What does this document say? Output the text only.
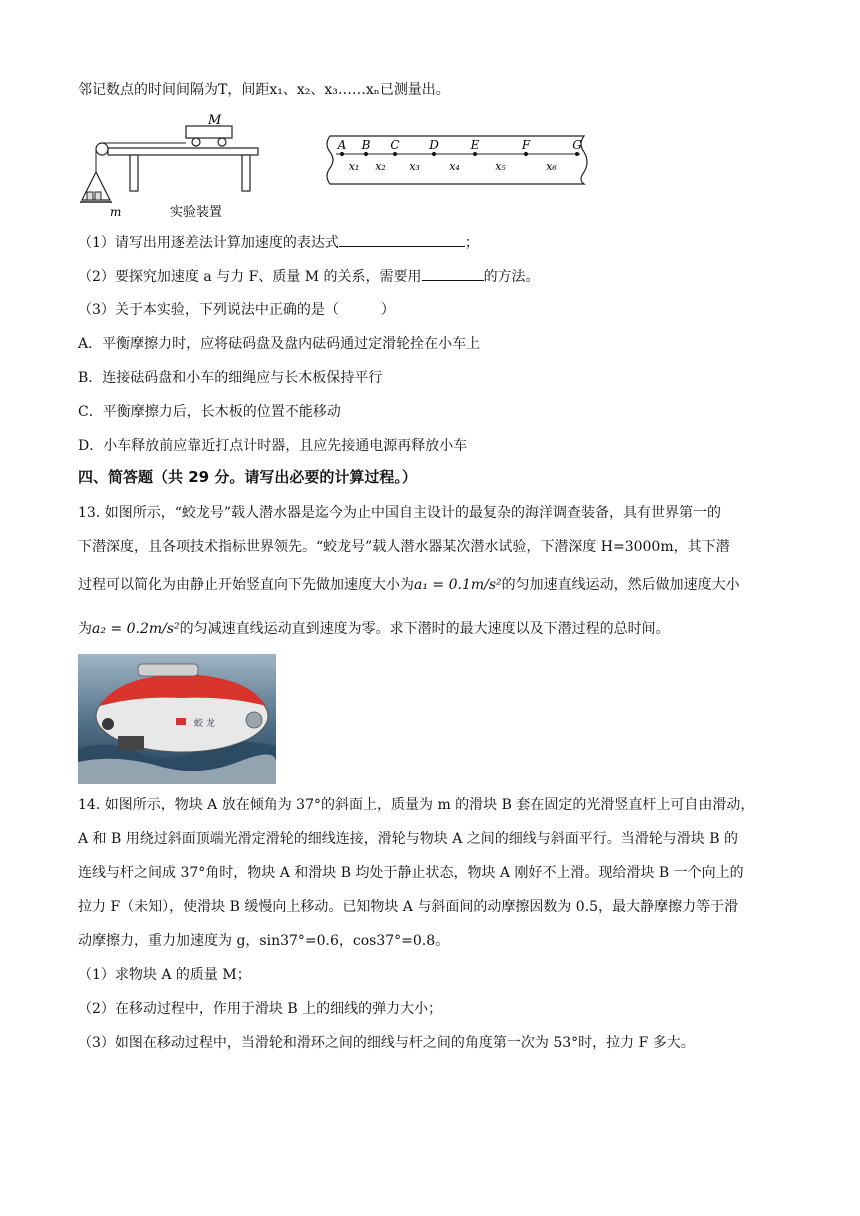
邻记数点的时间间隔为T，间距x₁、x₂、x₃……xₙ已测量出。
M
m	实验装置
A B C D	E	F	G
x₁ x₂ x₃	x₄	x₅	x₆
（1）请写出用逐差法计算加速度的表达式	；
（2）要探究加速度 a 与力 F、质量 M 的关系，需要用	的方法。
（3）关于本实验，下列说法中正确的是（　　　）
A．平衡摩擦力时，应将砝码盘及盘内砝码通过定滑轮拴在小车上
B．连接砝码盘和小车的细绳应与长木板保持平行
C．平衡摩擦力后，长木板的位置不能移动
D．小车释放前应靠近打点计时器，且应先接通电源再释放小车
四、简答题（共 29 分。请写出必要的计算过程。）
13. 如图所示，“蛟龙号”载人潜水器是迄今为止中国自主设计的最复杂的海洋调查装备，具有世界第一的
下潜深度，且各项技术指标世界领先。“蛟龙号”载人潜水器某次潜水试验，下潜深度 H=3000m，其下潜
过程可以简化为由静止开始竖直向下先做加速度大小为a₁ = 0.1m/s²的匀加速直线运动，然后做加速度大小
为a₂ = 0.2m/s²的匀减速直线运动直到速度为零。求下潜时的最大速度以及下潜过程的总时间。
蛟 龙
14. 如图所示，物块 A 放在倾角为 37°的斜面上，质量为 m 的滑块 B 套在固定的光滑竖直杆上可自由滑动，
A 和 B 用绕过斜面顶端光滑定滑轮的细线连接，滑轮与物块 A 之间的细线与斜面平行。当滑轮与滑块 B 的
连线与杆之间成 37°角时，物块 A 和滑块 B 均处于静止状态，物块 A 刚好不上滑。现给滑块 B 一个向上的
拉力 F（未知），使滑块 B 缓慢向上移动。已知物块 A 与斜面间的动摩擦因数为 0.5，最大静摩擦力等于滑
动摩擦力，重力加速度为 g，sin37°=0.6，cos37°=0.8。
（1）求物块 A 的质量 M；
（2）在移动过程中，作用于滑块 B 上的细线的弹力大小；
（3）如图在移动过程中，当滑轮和滑环之间的细线与杆之间的角度第一次为 53°时，拉力 F 多大。
